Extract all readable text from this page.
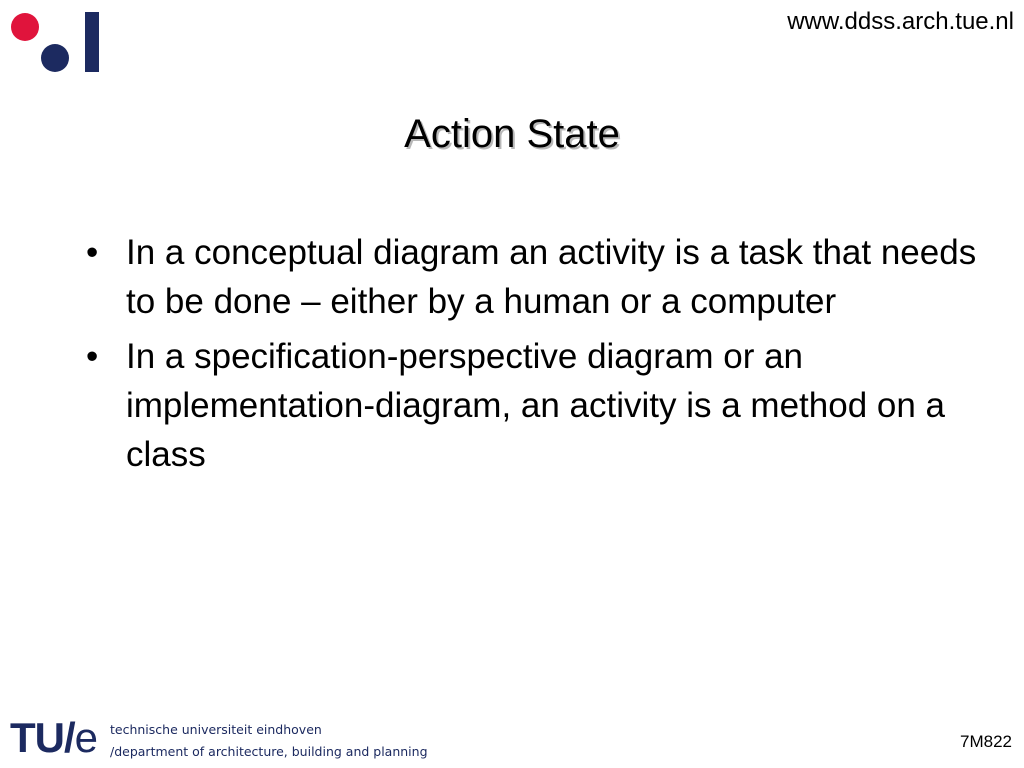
www.ddss.arch.tue.nl
Action State
• In a conceptual diagram an activity is a task that needs to be done – either by a human or a computer
• In a specification-perspective diagram or an implementation-diagram, an activity is a method on a class
TU/ e technische universiteit eindhoven
/department of architecture, building and planning
7M822
